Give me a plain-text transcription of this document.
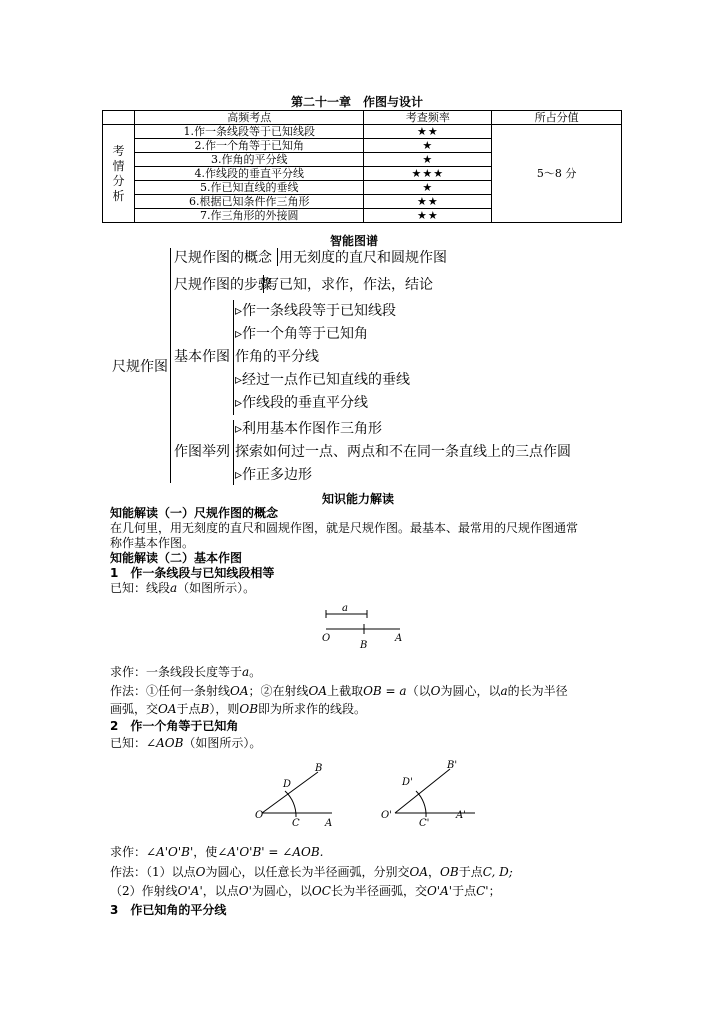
第二十一章　作图与设计
	高频考点	考查频率	所占分值

考
情
分
析	1.作一条线段等于已知线段	★★	5～8 分
	2.作一个角等于已知角	★	
	3.作角的平分线	★	
	4.作线段的垂直平分线	★★★	
	5.作已知直线的垂线	★	
	6.根据已知条件作三角形	★★	
	7.作三角形的外接圆	★★	
智能图谱
尺规作图
尺规作图的概念 用无刻度的直尺和圆规作图
尺规作图的步骤
写已知，求作，作法，结论
基本作图
▹作一条线段等于已知线段
▹作一个角等于已知角
作角的平分线
▹经过一点作已知直线的垂线
▹作线段的垂直平分线
作图举列
▹利用基本作图作三角形
探索如何过一点、两点和不在同一条直线上的三点作圆
▹作正多边形
知识能力解读
知能解读（一）尺规作图的概念
在几何里，用无刻度的直尺和圆规作图，就是尺规作图。最基本、最常用的尺规作图通常
称作基本作图。
知能解读（二）基本作图
1　作一条线段与已知线段相等
已知：线段a（如图所示）。
a
O
B
A
求作：一条线段长度等于a。
作法：①任何一条射线OA；②在射线OA上截取OB = a（以O为圆心，以a的长为半径
画弧，交OA于点B），则OB即为所求作的线段。
2　作一个角等于已知角
已知：∠AOB（如图所示）。
B
D
O
C	A
B'
D'
O'
C'
A'
求作：∠A'O'B'，使∠A'O'B' = ∠AOB.
作法：（1）以点O为圆心，以任意长为半径画弧，分别交OA，OB于点C, D;
（2）作射线O'A'，以点O'为圆心，以OC长为半径画弧，交O'A'于点C'；
3　作已知角的平分线
